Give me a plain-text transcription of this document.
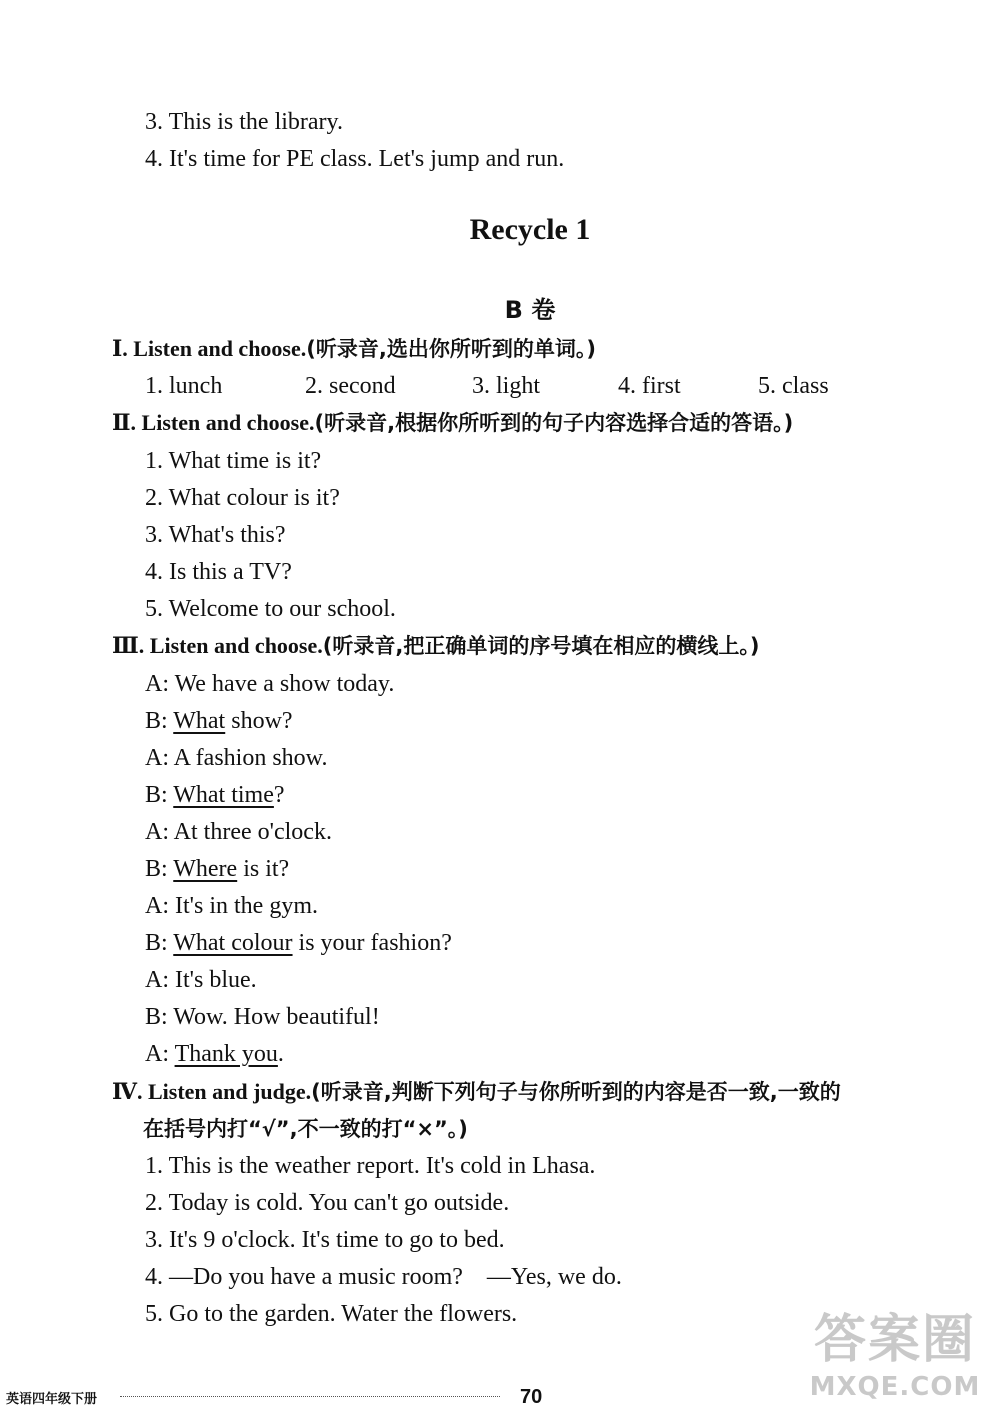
3. This is the library.
4. It's time for PE class. Let's jump and run.
Recycle 1
B 卷
Ⅰ. Listen and choose.(听录音,选出你所听到的单词。)
1. lunch	2. second	3. light	4. first	5. class
Ⅱ. Listen and choose.(听录音,根据你所听到的句子内容选择合适的答语。)
1. What time is it?
2. What colour is it?
3. What's this?
4. Is this a TV?
5. Welcome to our school.
Ⅲ. Listen and choose.(听录音,把正确单词的序号填在相应的横线上。)
A: We have a show today.
B: What show?
A: A fashion show.
B: What time?
A: At three o'clock.
B: Where is it?
A: It's in the gym.
B: What colour is your fashion?
A: It's blue.
B: Wow. How beautiful!
A: Thank you.
Ⅳ. Listen and judge.(听录音,判断下列句子与你所听到的内容是否一致,一致的
在括号内打“√”,不一致的打“×”。)
1. This is the weather report. It's cold in Lhasa.
2. Today is cold. You can't go outside.
3. It's 9 o'clock. It's time to go to bed.
4. —Do you have a music room?    —Yes, we do.
5. Go to the garden. Water the flowers.
英语四年级下册	70
答案圈
MXQE.COM
